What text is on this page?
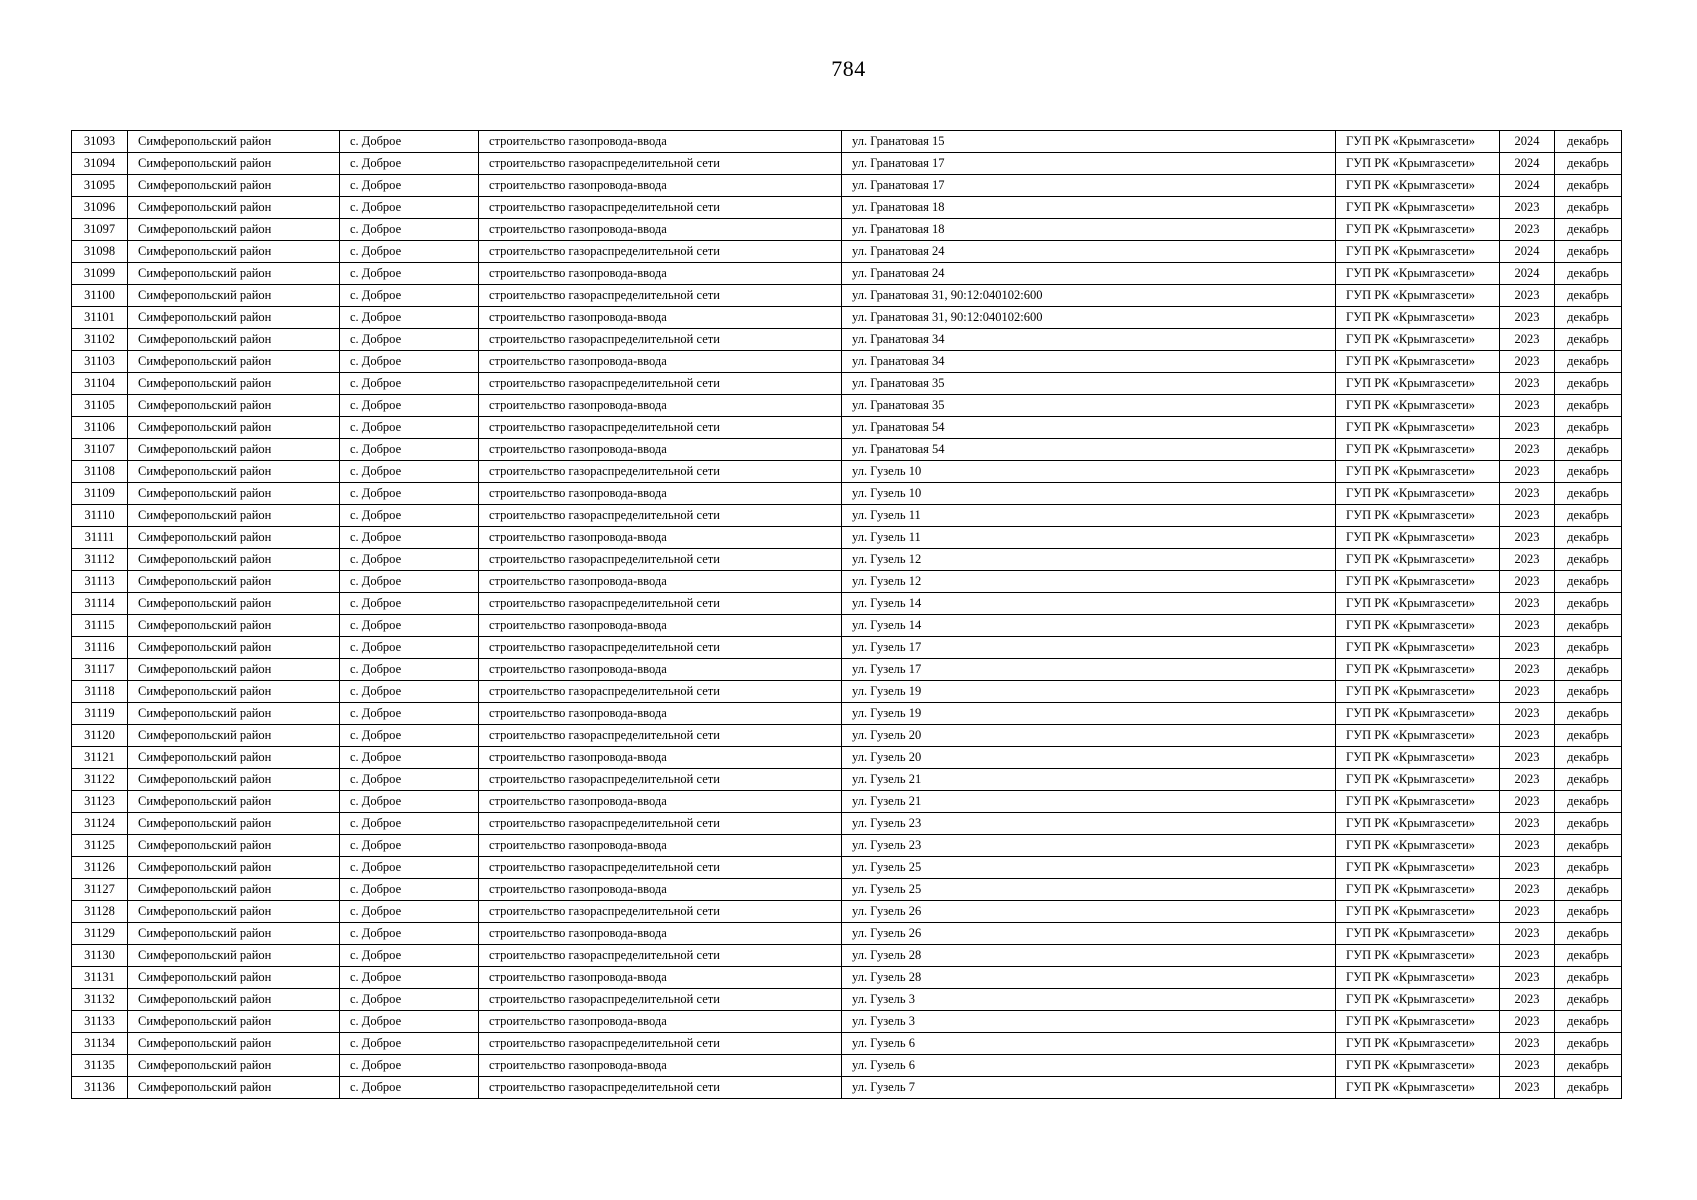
784
31093	Симферопольский район	с. Доброе	строительство газопровода-ввода	ул. Гранатовая 15	ГУП РК «Крымгазсети»	2024	декабрь
31094	Симферопольский район	с. Доброе	строительство газораспределительной сети	ул. Гранатовая 17	ГУП РК «Крымгазсети»	2024	декабрь
31095	Симферопольский район	с. Доброе	строительство газопровода-ввода	ул. Гранатовая 17	ГУП РК «Крымгазсети»	2024	декабрь
31096	Симферопольский район	с. Доброе	строительство газораспределительной сети	ул. Гранатовая 18	ГУП РК «Крымгазсети»	2023	декабрь
31097	Симферопольский район	с. Доброе	строительство газопровода-ввода	ул. Гранатовая 18	ГУП РК «Крымгазсети»	2023	декабрь
31098	Симферопольский район	с. Доброе	строительство газораспределительной сети	ул. Гранатовая 24	ГУП РК «Крымгазсети»	2024	декабрь
31099	Симферопольский район	с. Доброе	строительство газопровода-ввода	ул. Гранатовая 24	ГУП РК «Крымгазсети»	2024	декабрь
31100	Симферопольский район	с. Доброе	строительство газораспределительной сети	ул. Гранатовая 31, 90:12:040102:600	ГУП РК «Крымгазсети»	2023	декабрь
31101	Симферопольский район	с. Доброе	строительство газопровода-ввода	ул. Гранатовая 31, 90:12:040102:600	ГУП РК «Крымгазсети»	2023	декабрь
31102	Симферопольский район	с. Доброе	строительство газораспределительной сети	ул. Гранатовая 34	ГУП РК «Крымгазсети»	2023	декабрь
31103	Симферопольский район	с. Доброе	строительство газопровода-ввода	ул. Гранатовая 34	ГУП РК «Крымгазсети»	2023	декабрь
31104	Симферопольский район	с. Доброе	строительство газораспределительной сети	ул. Гранатовая 35	ГУП РК «Крымгазсети»	2023	декабрь
31105	Симферопольский район	с. Доброе	строительство газопровода-ввода	ул. Гранатовая 35	ГУП РК «Крымгазсети»	2023	декабрь
31106	Симферопольский район	с. Доброе	строительство газораспределительной сети	ул. Гранатовая 54	ГУП РК «Крымгазсети»	2023	декабрь
31107	Симферопольский район	с. Доброе	строительство газопровода-ввода	ул. Гранатовая 54	ГУП РК «Крымгазсети»	2023	декабрь
31108	Симферопольский район	с. Доброе	строительство газораспределительной сети	ул. Гузель 10	ГУП РК «Крымгазсети»	2023	декабрь
31109	Симферопольский район	с. Доброе	строительство газопровода-ввода	ул. Гузель 10	ГУП РК «Крымгазсети»	2023	декабрь
31110	Симферопольский район	с. Доброе	строительство газораспределительной сети	ул. Гузель 11	ГУП РК «Крымгазсети»	2023	декабрь
31111	Симферопольский район	с. Доброе	строительство газопровода-ввода	ул. Гузель 11	ГУП РК «Крымгазсети»	2023	декабрь
31112	Симферопольский район	с. Доброе	строительство газораспределительной сети	ул. Гузель 12	ГУП РК «Крымгазсети»	2023	декабрь
31113	Симферопольский район	с. Доброе	строительство газопровода-ввода	ул. Гузель 12	ГУП РК «Крымгазсети»	2023	декабрь
31114	Симферопольский район	с. Доброе	строительство газораспределительной сети	ул. Гузель 14	ГУП РК «Крымгазсети»	2023	декабрь
31115	Симферопольский район	с. Доброе	строительство газопровода-ввода	ул. Гузель 14	ГУП РК «Крымгазсети»	2023	декабрь
31116	Симферопольский район	с. Доброе	строительство газораспределительной сети	ул. Гузель 17	ГУП РК «Крымгазсети»	2023	декабрь
31117	Симферопольский район	с. Доброе	строительство газопровода-ввода	ул. Гузель 17	ГУП РК «Крымгазсети»	2023	декабрь
31118	Симферопольский район	с. Доброе	строительство газораспределительной сети	ул. Гузель 19	ГУП РК «Крымгазсети»	2023	декабрь
31119	Симферопольский район	с. Доброе	строительство газопровода-ввода	ул. Гузель 19	ГУП РК «Крымгазсети»	2023	декабрь
31120	Симферопольский район	с. Доброе	строительство газораспределительной сети	ул. Гузель 20	ГУП РК «Крымгазсети»	2023	декабрь
31121	Симферопольский район	с. Доброе	строительство газопровода-ввода	ул. Гузель 20	ГУП РК «Крымгазсети»	2023	декабрь
31122	Симферопольский район	с. Доброе	строительство газораспределительной сети	ул. Гузель 21	ГУП РК «Крымгазсети»	2023	декабрь
31123	Симферопольский район	с. Доброе	строительство газопровода-ввода	ул. Гузель 21	ГУП РК «Крымгазсети»	2023	декабрь
31124	Симферопольский район	с. Доброе	строительство газораспределительной сети	ул. Гузель 23	ГУП РК «Крымгазсети»	2023	декабрь
31125	Симферопольский район	с. Доброе	строительство газопровода-ввода	ул. Гузель 23	ГУП РК «Крымгазсети»	2023	декабрь
31126	Симферопольский район	с. Доброе	строительство газораспределительной сети	ул. Гузель 25	ГУП РК «Крымгазсети»	2023	декабрь
31127	Симферопольский район	с. Доброе	строительство газопровода-ввода	ул. Гузель 25	ГУП РК «Крымгазсети»	2023	декабрь
31128	Симферопольский район	с. Доброе	строительство газораспределительной сети	ул. Гузель 26	ГУП РК «Крымгазсети»	2023	декабрь
31129	Симферопольский район	с. Доброе	строительство газопровода-ввода	ул. Гузель 26	ГУП РК «Крымгазсети»	2023	декабрь
31130	Симферопольский район	с. Доброе	строительство газораспределительной сети	ул. Гузель 28	ГУП РК «Крымгазсети»	2023	декабрь
31131	Симферопольский район	с. Доброе	строительство газопровода-ввода	ул. Гузель 28	ГУП РК «Крымгазсети»	2023	декабрь
31132	Симферопольский район	с. Доброе	строительство газораспределительной сети	ул. Гузель 3	ГУП РК «Крымгазсети»	2023	декабрь
31133	Симферопольский район	с. Доброе	строительство газопровода-ввода	ул. Гузель 3	ГУП РК «Крымгазсети»	2023	декабрь
31134	Симферопольский район	с. Доброе	строительство газораспределительной сети	ул. Гузель 6	ГУП РК «Крымгазсети»	2023	декабрь
31135	Симферопольский район	с. Доброе	строительство газопровода-ввода	ул. Гузель 6	ГУП РК «Крымгазсети»	2023	декабрь
31136	Симферопольский район	с. Доброе	строительство газораспределительной сети	ул. Гузель 7	ГУП РК «Крымгазсети»	2023	декабрь
